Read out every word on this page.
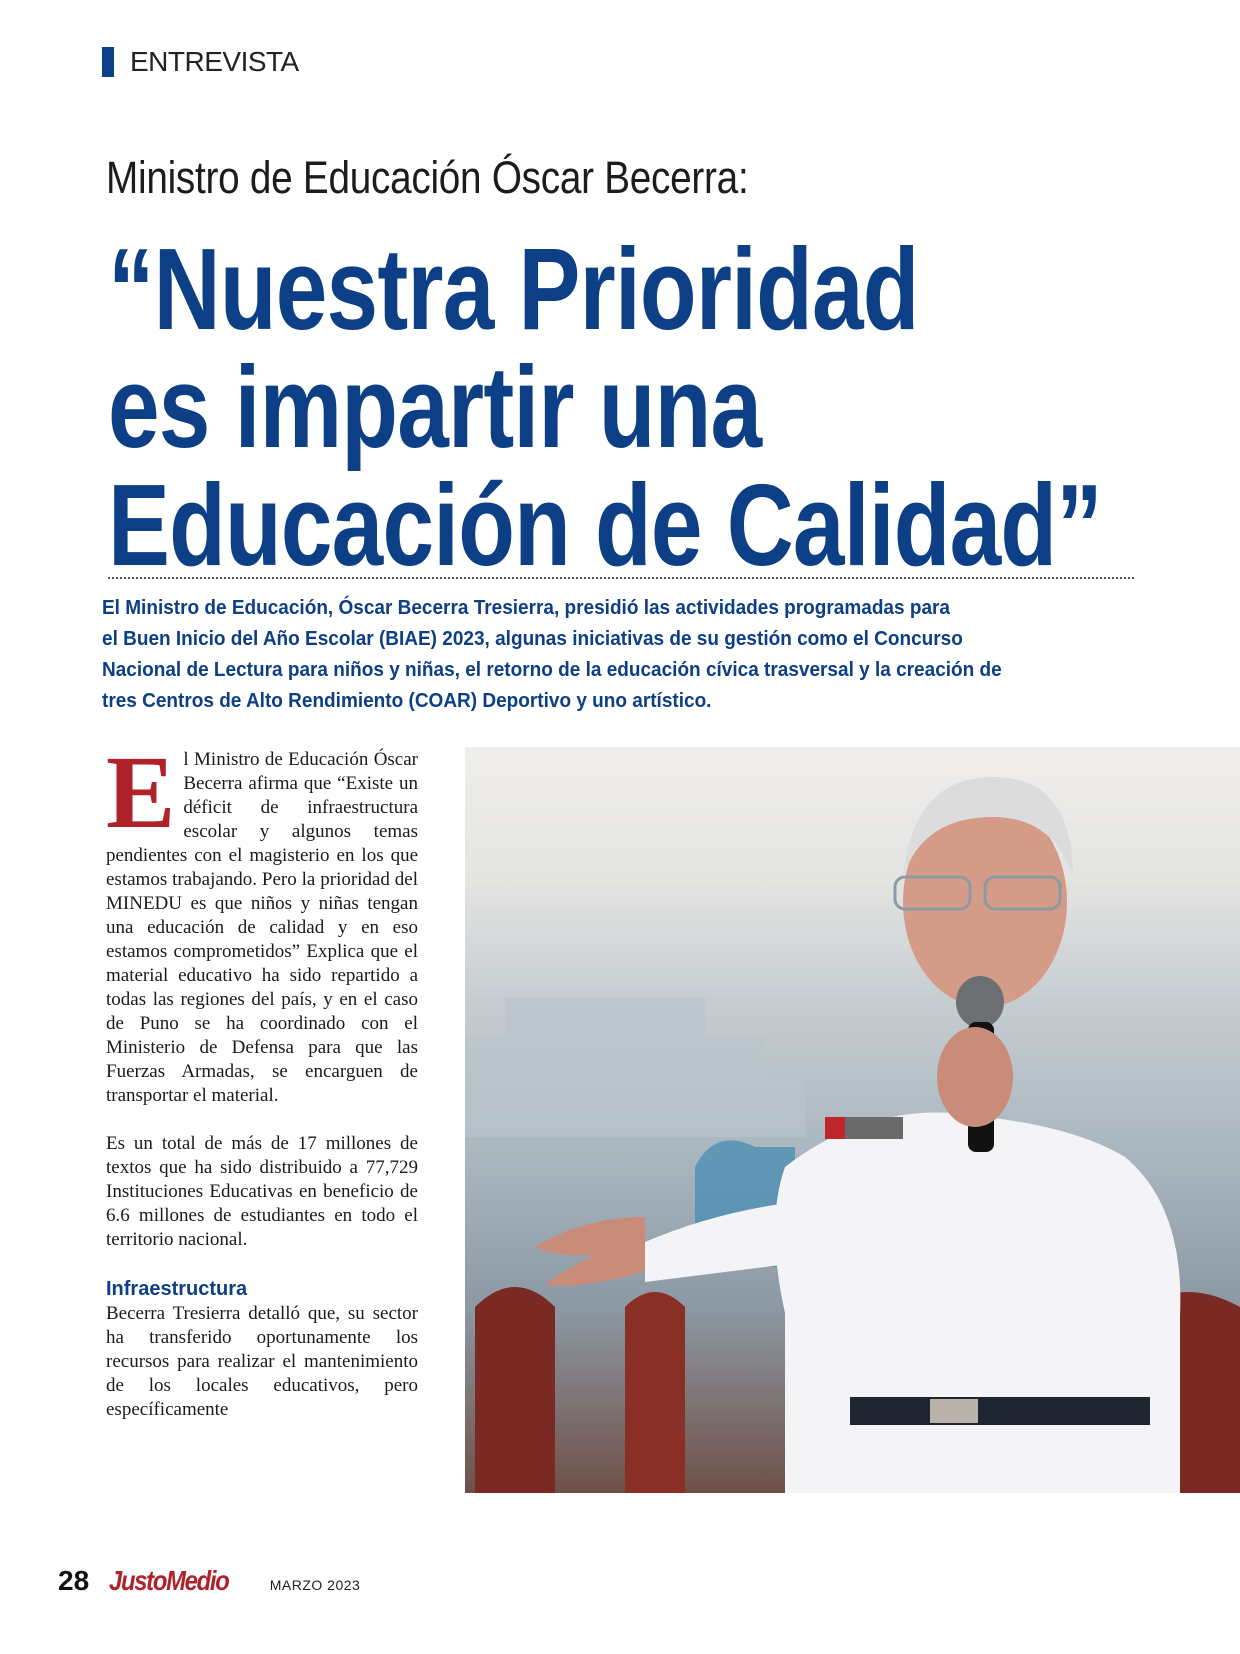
ENTREVISTA
Ministro de Educación Óscar Becerra:
“Nuestra Prioridad
es impartir una
Educación de Calidad”
El Ministro de Educación, Óscar Becerra Tresierra, presidió las actividades programadas para
el Buen Inicio del Año Escolar (BIAE) 2023, algunas iniciativas de su gestión como el Concurso
Nacional de Lectura para niños y niñas, el retorno de la educación cívica trasversal y la creación de
tres Centros de Alto Rendimiento (COAR) Deportivo y uno artístico.

El Ministro de Educación Óscar Becerra afirma que “Existe un déficit de infraestructura escolar y algunos temas pendientes con el magisterio en los que estamos trabajando. Pero la prioridad del MINEDU es que niños y niñas tengan una educación de calidad y en eso estamos comprometidos” Explica que el material educativo ha sido repartido a todas las regiones del país, y en el caso de Puno se ha coordinado con el Ministerio de Defensa para que las Fuerzas Armadas, se encarguen de transportar el material.

Es un total de más de 17 millones de textos que ha sido distribuido a 77,729 Instituciones Educativas en beneficio de 6.6 millones de estudiantes en todo el territorio nacional.

Infraestructura

Becerra Tresierra detalló que, su sector ha transferido oportunamente los recursos para realizar el mantenimiento de los locales educativos, pero específicamente

28 JustoMedio	MARZO 2023
